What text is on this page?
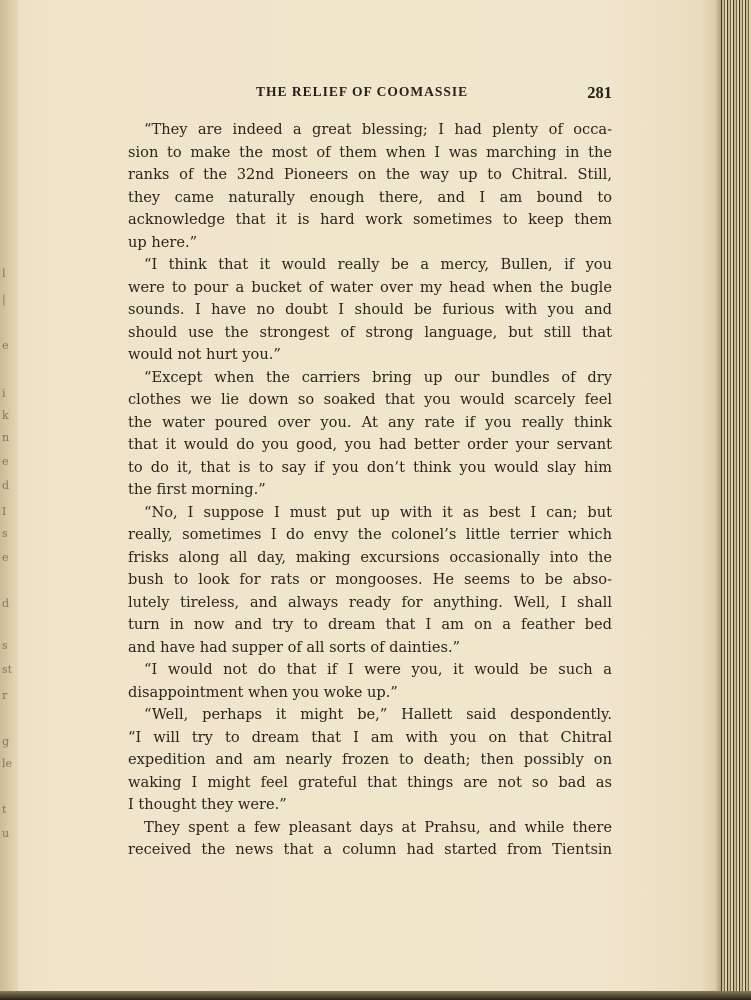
l
|
e
i
k
n
e
d
I
s
e
d
s
st
r
g
le
t
u
THE RELIEF OF COOMASSIE	281
“They are indeed a great blessing; I had plenty of occa-
sion to make the most of them when I was marching in the
ranks of the 32nd Pioneers on the way up to Chitral. Still,
they came naturally enough there, and I am bound to
acknowledge that it is hard work sometimes to keep them
up here.”
“I think that it would really be a mercy, Bullen, if you
were to pour a bucket of water over my head when the bugle
sounds. I have no doubt I should be furious with you and
should use the strongest of strong language, but still that
would not hurt you.”
“Except when the carriers bring up our bundles of dry
clothes we lie down so soaked that you would scarcely feel
the water poured over you. At any rate if you really think
that it would do you good, you had better order your servant
to do it, that is to say if you don’t think you would slay him
the first morning.”
“No, I suppose I must put up with it as best I can; but
really, sometimes I do envy the colonel’s little terrier which
frisks along all day, making excursions occasionally into the
bush to look for rats or mongooses. He seems to be abso-
lutely tireless, and always ready for anything. Well, I shall
turn in now and try to dream that I am on a feather bed
and have had supper of all sorts of dainties.”
“I would not do that if I were you, it would be such a
disappointment when you woke up.”
“Well, perhaps it might be,” Hallett said despondently.
“I will try to dream that I am with you on that Chitral
expedition and am nearly frozen to death; then possibly on
waking I might feel grateful that things are not so bad as
I thought they were.”
They spent a few pleasant days at Prahsu, and while there
received the news that a column had started from Tientsin
